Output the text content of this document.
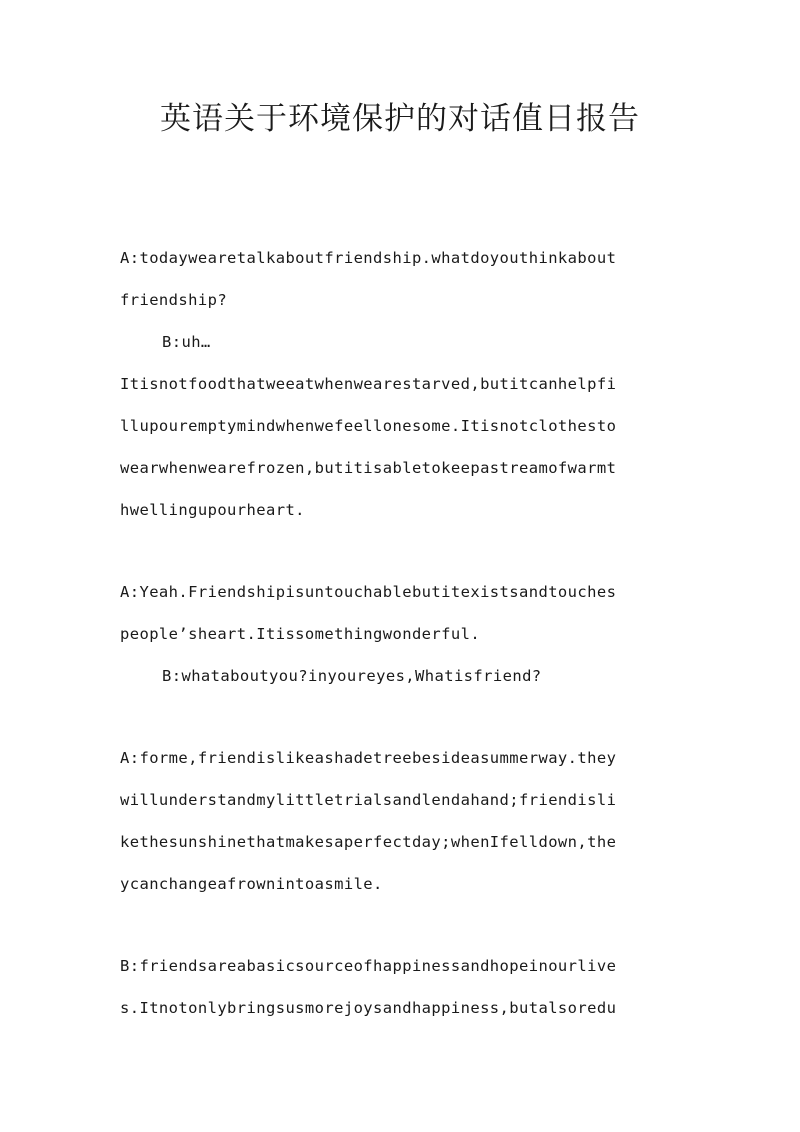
英语关于环境保护的对话值日报告
A:todaywearetalkaboutfriendship.whatdoyouthinkabout
friendship?
B:uh…
Itisnotfoodthatweeatwhenwearestarved,butitcanhelpfi
llupouremptymindwhenwefeellonesome.Itisnotclothesto
wearwhenwearefrozen,butitisabletokeepastreamofwarmt
hwellingupourheart.
A:Yeah.Friendshipisuntouchablebutitexistsandtouches
people’sheart.Itissomethingwonderful.
B:whataboutyou?inyoureyes,Whatisfriend?
A:forme,friendislikeashadetreebesideasummerway.they
willunderstandmylittletrialsandlendahand;friendisli
kethesunshinethatmakesaperfectday;whenIfelldown,the
ycanchangeafrownintoasmile.
B:friendsareabasicsourceofhappinessandhopeinourlive
s.Itnotonlybringsusmorejoysandhappiness,butalsoredu
